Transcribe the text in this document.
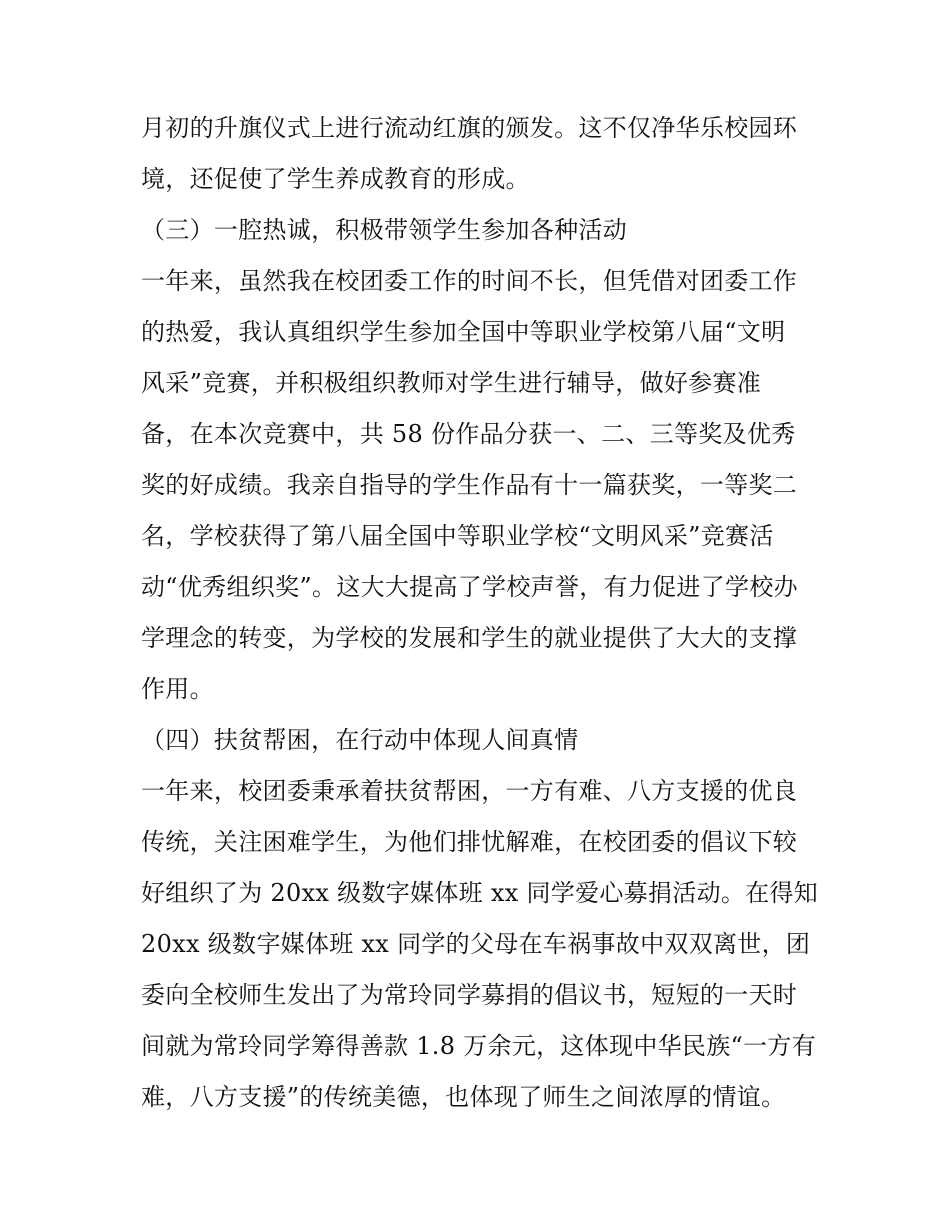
月初的升旗仪式上进行流动红旗的颁发。这不仅净华乐校园环
境，还促使了学生养成教育的形成。
（三）一腔热诚，积极带领学生参加各种活动
一年来，虽然我在校团委工作的时间不长，但凭借对团委工作
的热爱，我认真组织学生参加全国中等职业学校第八届“文明
风采”竞赛，并积极组织教师对学生进行辅导，做好参赛准
备，在本次竞赛中，共 58 份作品分获一、二、三等奖及优秀
奖的好成绩。我亲自指导的学生作品有十一篇获奖，一等奖二
名，学校获得了第八届全国中等职业学校“文明风采”竞赛活
动“优秀组织奖”。这大大提高了学校声誉，有力促进了学校办
学理念的转变，为学校的发展和学生的就业提供了大大的支撑
作用。
（四）扶贫帮困，在行动中体现人间真情
一年来，校团委秉承着扶贫帮困，一方有难、八方支援的优良
传统，关注困难学生，为他们排忧解难，在校团委的倡议下较
好组织了为 20xx 级数字媒体班 xx 同学爱心募捐活动。在得知
20xx 级数字媒体班 xx 同学的父母在车祸事故中双双离世，团
委向全校师生发出了为常玲同学募捐的倡议书，短短的一天时
间就为常玲同学筹得善款 1.8 万余元，这体现中华民族“一方有
难，八方支援”的传统美德，也体现了师生之间浓厚的情谊。
